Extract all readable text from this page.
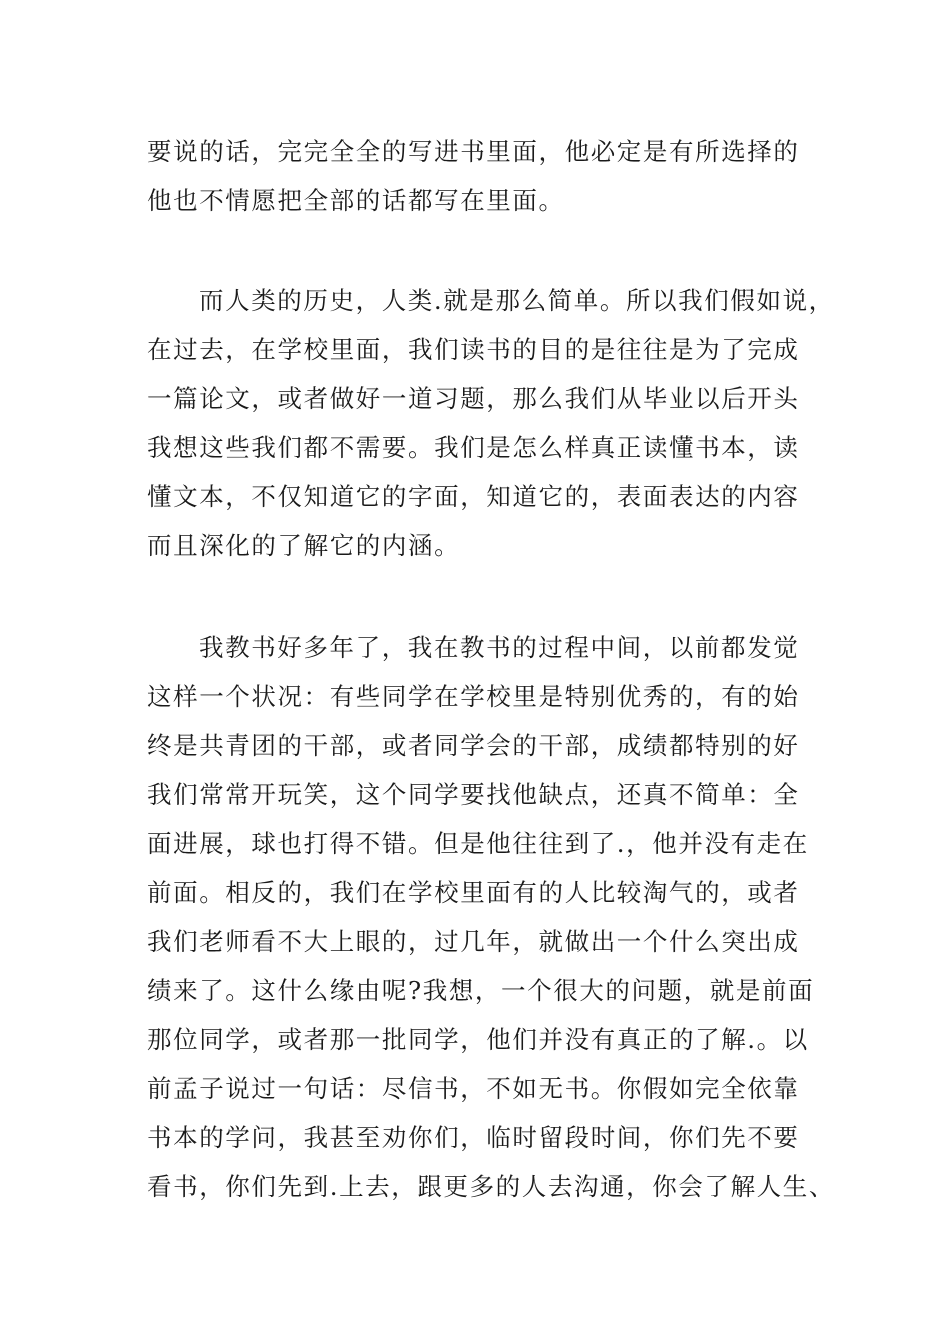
要说的话，完完全全的写进书里面，他必定是有所选择的
他也不情愿把全部的话都写在里面。
而人类的历史，人类.就是那么简单。所以我们假如说，
在过去，在学校里面，我们读书的目的是往往是为了完成
一篇论文，或者做好一道习题，那么我们从毕业以后开头
我想这些我们都不需要。我们是怎么样真正读懂书本，读
懂文本，不仅知道它的字面，知道它的，表面表达的内容
而且深化的了解它的内涵。
我教书好多年了，我在教书的过程中间，以前都发觉
这样一个状况：有些同学在学校里是特别优秀的，有的始
终是共青团的干部，或者同学会的干部，成绩都特别的好
我们常常开玩笑，这个同学要找他缺点，还真不简单：全
面进展，球也打得不错。但是他往往到了.，他并没有走在
前面。相反的，我们在学校里面有的人比较淘气的，或者
我们老师看不大上眼的，过几年，就做出一个什么突出成
绩来了。这什么缘由呢?我想，一个很大的问题，就是前面
那位同学，或者那一批同学，他们并没有真正的了解.。以
前孟子说过一句话：尽信书，不如无书。你假如完全依靠
书本的学问，我甚至劝你们，临时留段时间，你们先不要
看书，你们先到.上去，跟更多的人去沟通，你会了解人生、
